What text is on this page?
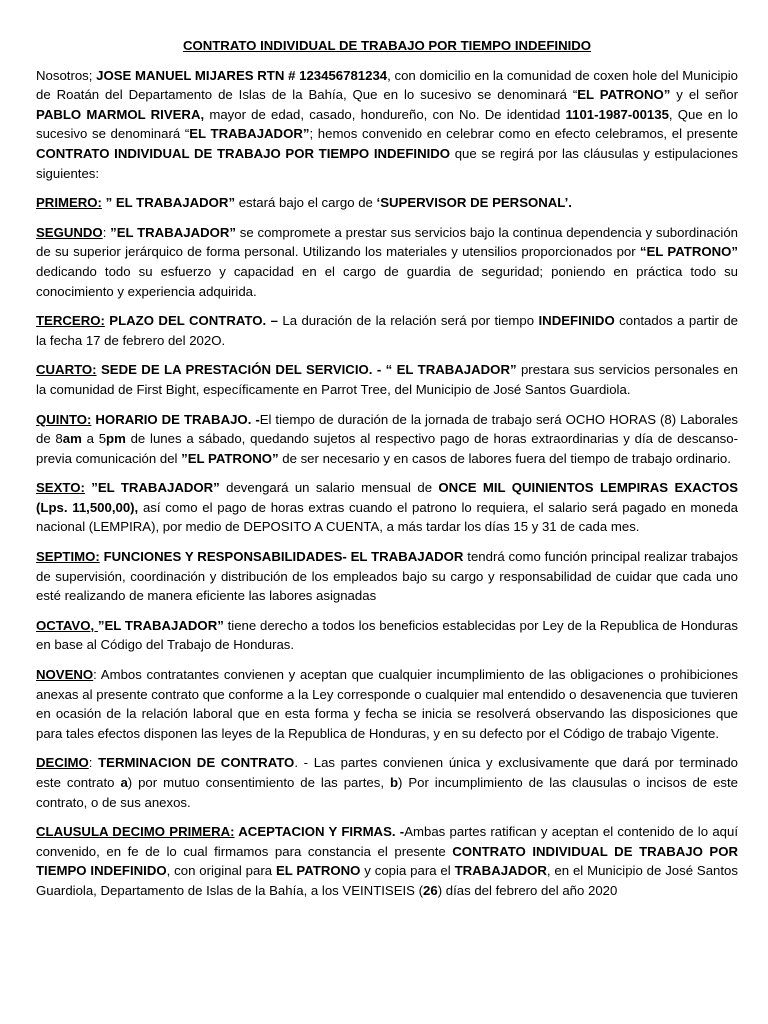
CONTRATO INDIVIDUAL DE TRABAJO POR TIEMPO INDEFINIDO

Nosotros; JOSE MANUEL MIJARES RTN # 123456781234, con domicilio en la comunidad de coxen hole del Municipio de Roatán del Departamento de Islas de la Bahía, Que en lo sucesivo se denominará “EL PATRONO” y el señor PABLO MARMOL RIVERA, mayor de edad, casado, hondureño, con No. De identidad 1101-1987-00135, Que en lo sucesivo se denominará “EL TRABAJADOR”; hemos convenido en celebrar como en efecto celebramos, el presente CONTRATO INDIVIDUAL DE TRABAJO POR TIEMPO INDEFINIDO que se regirá por las cláusulas y estipulaciones siguientes:

PRIMERO: ” EL TRABAJADOR” estará bajo el cargo de ‘SUPERVISOR DE PERSONAL’.

SEGUNDO: ”EL TRABAJADOR” se compromete a prestar sus servicios bajo la continua dependencia y subordinación de su superior jerárquico de forma personal. Utilizando los materiales y utensilios proporcionados por “EL PATRONO” dedicando todo su esfuerzo y capacidad en el cargo de guardia de seguridad; poniendo en práctica todo su conocimiento y experiencia adquirida.

TERCERO: PLAZO DEL CONTRATO. – La duración de la relación será por tiempo INDEFINIDO contados a partir de la fecha 17 de febrero del 202O.

CUARTO: SEDE DE LA PRESTACIÓN DEL SERVICIO. - “ EL TRABAJADOR” prestara sus servicios personales en la comunidad de First Bight, específicamente en Parrot Tree, del Municipio de José Santos Guardiola.

QUINTO: HORARIO DE TRABAJO. -El tiempo de duración de la jornada de trabajo será OCHO HORAS (8) Laborales de 8am a 5pm de lunes a sábado, quedando sujetos al respectivo pago de horas extraordinarias y día de descanso- previa comunicación del ”EL PATRONO” de ser necesario y en casos de labores fuera del tiempo de trabajo ordinario.

SEXTO: ”EL TRABAJADOR” devengará un salario mensual de ONCE MIL QUINIENTOS LEMPIRAS EXACTOS (Lps. 11,500,00), así como el pago de horas extras cuando el patrono lo requiera, el salario será pagado en moneda nacional (LEMPIRA), por medio de DEPOSITO A CUENTA, a más tardar los días 15 y 31 de cada mes.

SEPTIMO: FUNCIONES Y RESPONSABILIDADES- EL TRABAJADOR tendrá como función principal realizar trabajos de supervisión, coordinación y distribución de los empleados bajo su cargo y responsabilidad de cuidar que cada uno esté realizando de manera eficiente las labores asignadas

OCTAVO, ”EL TRABAJADOR” tiene derecho a todos los beneficios establecidas por Ley de la Republica de Honduras en base al Código del Trabajo de Honduras.

NOVENO: Ambos contratantes convienen y aceptan que cualquier incumplimiento de las obligaciones o prohibiciones anexas al presente contrato que conforme a la Ley corresponde o cualquier mal entendido o desavenencia que tuvieren en ocasión de la relación laboral que en esta forma y fecha se inicia se resolverá observando las disposiciones que para tales efectos disponen las leyes de la Republica de Honduras, y en su defecto por el Código de trabajo Vigente.

DECIMO: TERMINACION DE CONTRATO. - Las partes convienen única y exclusivamente que dará por terminado este contrato a) por mutuo consentimiento de las partes, b) Por incumplimiento de las clausulas o incisos de este contrato, o de sus anexos.

CLAUSULA DECIMO PRIMERA: ACEPTACION Y FIRMAS. -Ambas partes ratifican y aceptan el contenido de lo aquí convenido, en fe de lo cual firmamos para constancia el presente CONTRATO INDIVIDUAL DE TRABAJO POR TIEMPO INDEFINIDO, con original para EL PATRONO y copia para el TRABAJADOR, en el Municipio de José Santos Guardiola, Departamento de Islas de la Bahía, a los VEINTISEIS (26) días del febrero del año 2020
